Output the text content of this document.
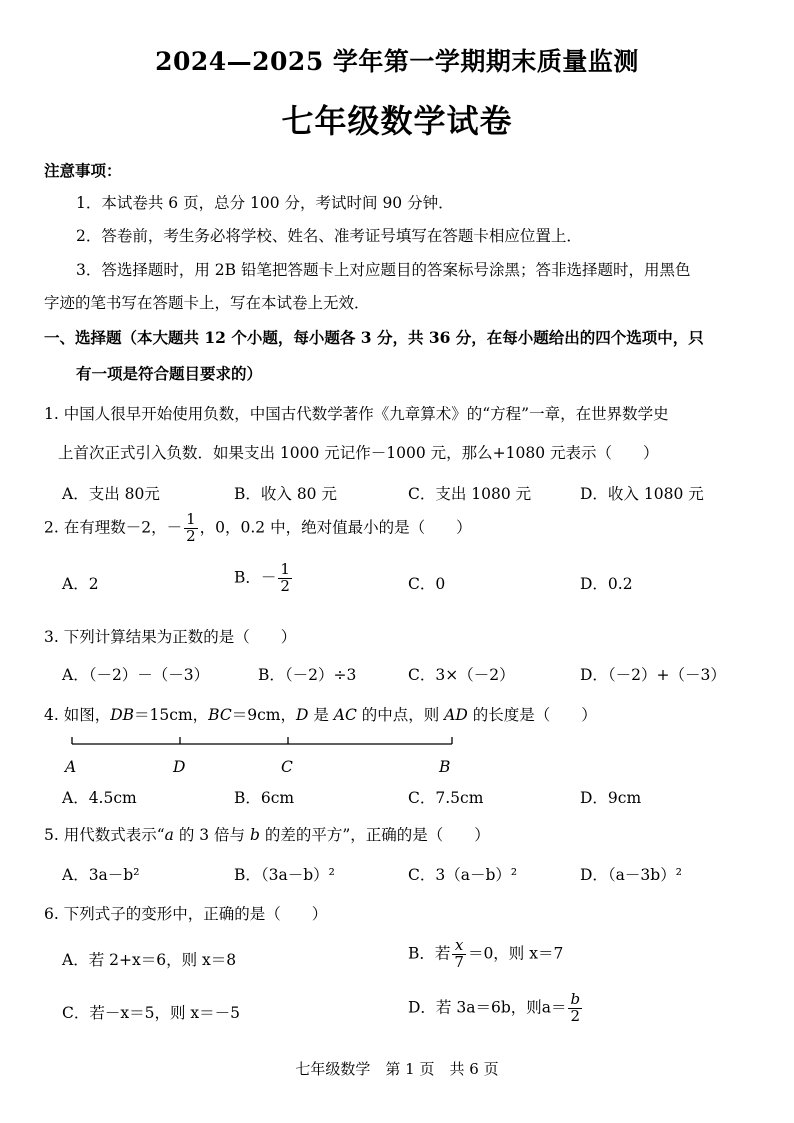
2024—2025 学年第一学期期末质量监测
七年级数学试卷
注意事项：
1．本试卷共 6 页，总分 100 分，考试时间 90 分钟．
2．答卷前，考生务必将学校、姓名、准考证号填写在答题卡相应位置上．
3．答选择题时，用 2B 铅笔把答题卡上对应题目的答案标号涂黑；答非选择题时，用黑色
字迹的笔书写在答题卡上，写在本试卷上无效．
一、选择题（本大题共 12 个小题，每小题各 3 分，共 36 分，在每小题给出的四个选项中，只
有一项是符合题目要求的）
1. 中国人很早开始使用负数，中国古代数学著作《九章算术》的“方程”一章，在世界数学史
上首次正式引入负数．如果支出 1000 元记作－1000 元，那么+1080 元表示（　　）
A．支出 80元	B．收入 80 元	C．支出 1080 元	D．收入 1080 元
2. 在有理数－2，－ $\frac{1}{2}$ ，0，0.2 中，绝对值最小的是（　　）
A．2	B．－ $\frac{1}{2}$	C．0	D．0.2
3. 下列计算结果为正数的是（　　）
A．（－2）－（－3）	B．（－2）÷3	C．3×（－2）	D．（－2）+（－3）
4. 如图，DB＝15cm，BC＝9cm，D 是 AC 的中点，则 AD 的长度是（　　）
A	D	C	B
A．4.5cm	B．6cm	C．7.5cm	D．9cm
5. 用代数式表示“a 的 3 倍与 b 的差的平方”，正确的是（　　）
A．3a－b²	B．（3a－b）²	C．3（a－b）²	D．（a－3b）²
6. 下列式子的变形中，正确的是（　　）
A．若 2+x＝6，则 x＝8	B．若 $\frac{x}{7} =0$，则 x＝7
C．若－x＝5，则 x＝－5	D．若 3a＝6b，则$a= \frac{b}{2}$
七年级数学　第 1 页　共 6 页
